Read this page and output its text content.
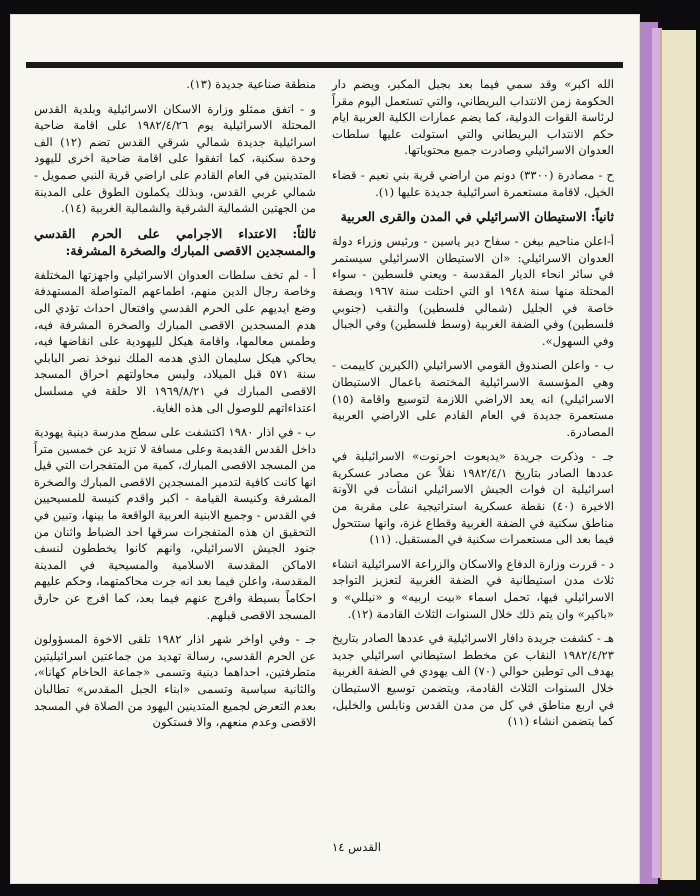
الله اكبر» وقد سمي فيما بعد بجبل المكبر، ويضم دار الحكومة زمن الانتداب البريطاني، والتي تستعمل اليوم مقراً لرئاسة القوات الدولية، كما يضم عمارات الكلية العربية ايام حكم الانتداب البريطاني والتي استولت عليها سلطات العدوان الاسرائيلي وصادرت جميع محتوياتها.

ح - مصادرة (٣٣٠٠) دونم من اراضي قرية بني نعيم - قضاء الخيل، لاقامة مستعمرة اسرائيلية جديدة عليها (١).

ثانياً: الاستيطان الاسرائيلي في المدن والقرى العربية

أ-اعلن مناحيم بيغن - سفاح دير ياسين - ورئيس وزراء دولة العدوان الاسرائيلي: «ان الاستيطان الاسرائيلي سيستمر في سائر انحاء الديار المقدسة - ويعني فلسطين - سواء المحتلة منها سنة ١٩٤٨ او التي احتلت سنة ١٩٦٧ وبصفة خاصة في الجليل (شمالي فلسطين) والنقب (جنوبي فلسطين) وفي الضفة الغربية (وسط فلسطين) وفي الجبال وفي السهول».

ب - واعلن الصندوق القومي الاسرائيلي (الكيرين كاييمت - وهي المؤسسة الاسرائيلية المختصة باعمال الاستيطان الاسرائيلي) انه يعد الاراضي اللازمة لتوسيع واقامة (١٥) مستعمرة جديدة في العام القادم على الاراضي العربية المصادرة.

جـ - وذكرت جريدة «يديعوت احرنوت» الاسرائيلية في عددها الصادر بتاريخ ١٩٨٢/٤/١ نقلاً عن مصادر عسكرية اسرائيلية ان فوات الجيش الاسرائيلي انشأت في الآونة الاخيرة (٤٠) نقطة عسكرية استراتيجية على مقربة من مناطق سكنية في الضفة الغربية وقطاع غزة، وانها ستتحول فيما بعد الى مستعمرات سكنية في المستقبل. (١١)

د - قررت وزارة الدفاع والاسكان والزراعة الاسرائيلية انشاء ثلاث مدن استيطانية في الضفة الغربية لتعزيز التواجد الاسرائيلي فيها، تحمل اسماء «بيت اربيه» و «نيللي» و «باكير» وان يتم ذلك خلال السنوات الثلاث القادمة (١٢).

هـ - كشفت جريدة دافار الاسرائيلية في عددها الصادر بتاريخ ١٩٨٢/٤/٢٣ النقاب عن مخطط استيطاني اسرائيلي جديد يهدف الى توطين حوالي (٧٠) الف يهودي في الضفة الغربية خلال السنوات الثلاث القادمة، ويتضمن توسيع الاستيطان في اربع مناطق في كل من مدن القدس ونابلس والخليل، كما يتضمن انشاء (١١)

منطقة صناعية جديدة (١٣).

و - اتفق ممثلو وزارة الاسكان الاسرائيلية وبلدية القدس المحتلة الاسرائيلية يوم ١٩٨٢/٤/٢٦ على اقامة ضاحية اسرائيلية جديدة شمالي شرقي القدس تضم (١٢) الف وحدة سكنية، كما اتفقوا على اقامة ضاحية اخرى لليهود المتدينين في العام القادم على اراضي قرية النبي صمويل - شمالي غربي القدس، وبذلك يكملون الطوق على المدينة من الجهتين الشمالية الشرقية والشمالية الغربية (١٤).

ثالثاً: الاعتداء الاجرامي على الحرم القدسي والمسجدين الاقصى المبارك والصخرة المشرفة:

أ - لم تخف سلطات العدوان الاسرائيلي واجهزتها المختلفة وخاصة رجال الدين منهم، اطماعهم المتواصلة المستهدفة وضع ايديهم على الحرم القدسي وافتعال احداث تؤدي الى هدم المسجدين الاقصى المبارك والصخرة المشرفة فيه، وطمس معالمها، واقامة هيكل لليهودية على انقاضها فيه، يحاكي هيكل سليمان الذي هدمه الملك نبوخذ نصر البابلي سنة ٥٧١ قبل الميلاد، وليس محاولتهم احراق المسجد الاقصى المبارك في ١٩٦٩/٨/٢١ الا حلقة في مسلسل اعتداءاتهم للوصول الى هذه الغاية.

ب - في اذار ١٩٨٠ اكتشفت على سطح مدرسة دينية يهودية داخل القدس القديمة وعلى مسافة لا تزيد عن خمسين متراً من المسجد الاقصى المبارك، كمية من المتفجرات التي قيل انها كانت كافية لتدمير المسجدين الاقصى المبارك والصخرة المشرفة وكنيسة القيامة - اكبر واقدم كنيسة للمسيحيين في القدس - وجميع الابنية العربية الواقعة ما بينها، وتبين في التحقيق ان هذه المتفجرات سرقها احد الضباط واثنان من جنود الجيش الاسرائيلي، وانهم كانوا يخططون لنسف الاماكن المقدسة الاسلامية والمسيحية في المدينة المقدسة، واعلن فيما بعد انه جرت محاكمتهما، وحكم عليهم احكاماً بسيطة وافرج عنهم فيما بعد، كما افرج عن حارق المسجد الاقصى قبلهم.

جـ - وفي اواخر شهر اذار ١٩٨٢ تلقى الاخوة المسؤولون عن الحرم القدسي، رسالة تهديد من جماعتين اسرائيليتين متطرفتين، احداهما دينية وتسمى «جماعة الحاخام كهانا»، والثانية سياسية وتسمى «ابناء الجبل المقدس» تطالبان بعدم التعرض لجميع المتدينين اليهود من الصلاة في المسجد الاقصى وعدم منعهم، والا فستكون

القدس ١٤
